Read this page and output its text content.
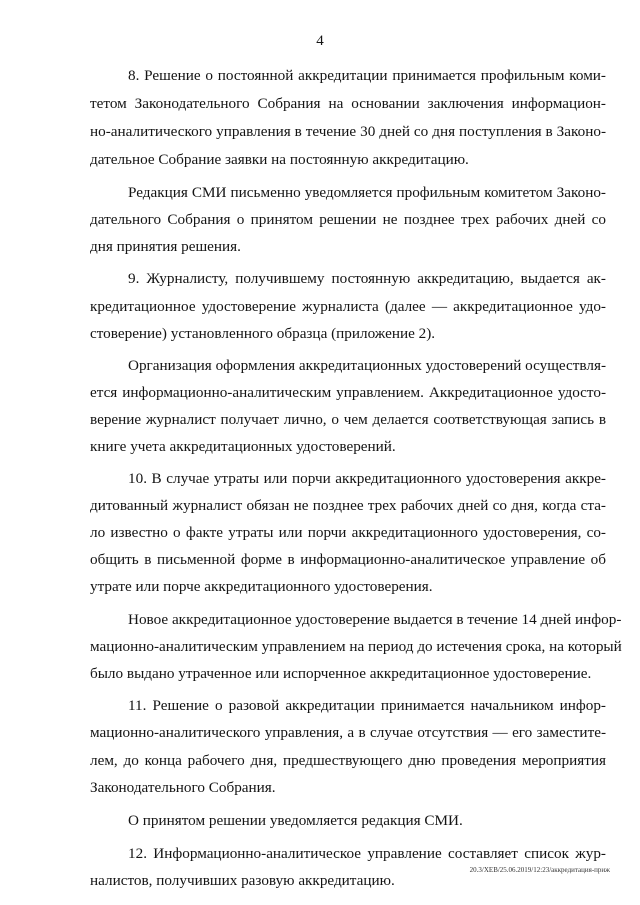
4
8. Решение о постоянной аккредитации принимается профильным коми-
тетом Законодательного Собрания на основании заключения информацион-
но-аналитического управления в течение 30 дней со дня поступления в Законо-
дательное Собрание заявки на постоянную аккредитацию.
Редакция СМИ письменно уведомляется профильным комитетом Законо-
дательного Собрания о принятом решении не позднее трех рабочих дней со
дня принятия решения.
9. Журналисту, получившему постоянную аккредитацию, выдается ак-
кредитационное удостоверение журналиста (далее — аккредитационное удо-
стоверение) установленного образца (приложение 2).
Организация оформления аккредитационных удостоверений осуществля-
ется информационно-аналитическим управлением. Аккредитационное удосто-
верение журналист получает лично, о чем делается соответствующая запись в
книге учета аккредитационных удостоверений.
10. В случае утраты или порчи аккредитационного удостоверения аккре-
дитованный журналист обязан не позднее трех рабочих дней со дня, когда ста-
ло известно о факте утраты или порчи аккредитационного удостоверения, со-
общить в письменной форме в информационно-аналитическое управление об
утрате или порче аккредитационного удостоверения.
Новое аккредитационное удостоверение выдается в течение 14 дней инфор-
мационно-аналитическим управлением на период до истечения срока, на который
было выдано утраченное или испорченное аккредитационное удостоверение.
11. Решение о разовой аккредитации принимается начальником инфор-
мационно-аналитического управления, а в случае отсутствия — его заместите-
лем, до конца рабочего дня, предшествующего дню проведения мероприятия
Законодательного Собрания.
О принятом решении уведомляется редакция СМИ.
12. Информационно-аналитическое управление составляет список жур-
налистов, получивших разовую аккредитацию.
20.3/XEB/25.06.2019/12:23/аккредитация-приж
